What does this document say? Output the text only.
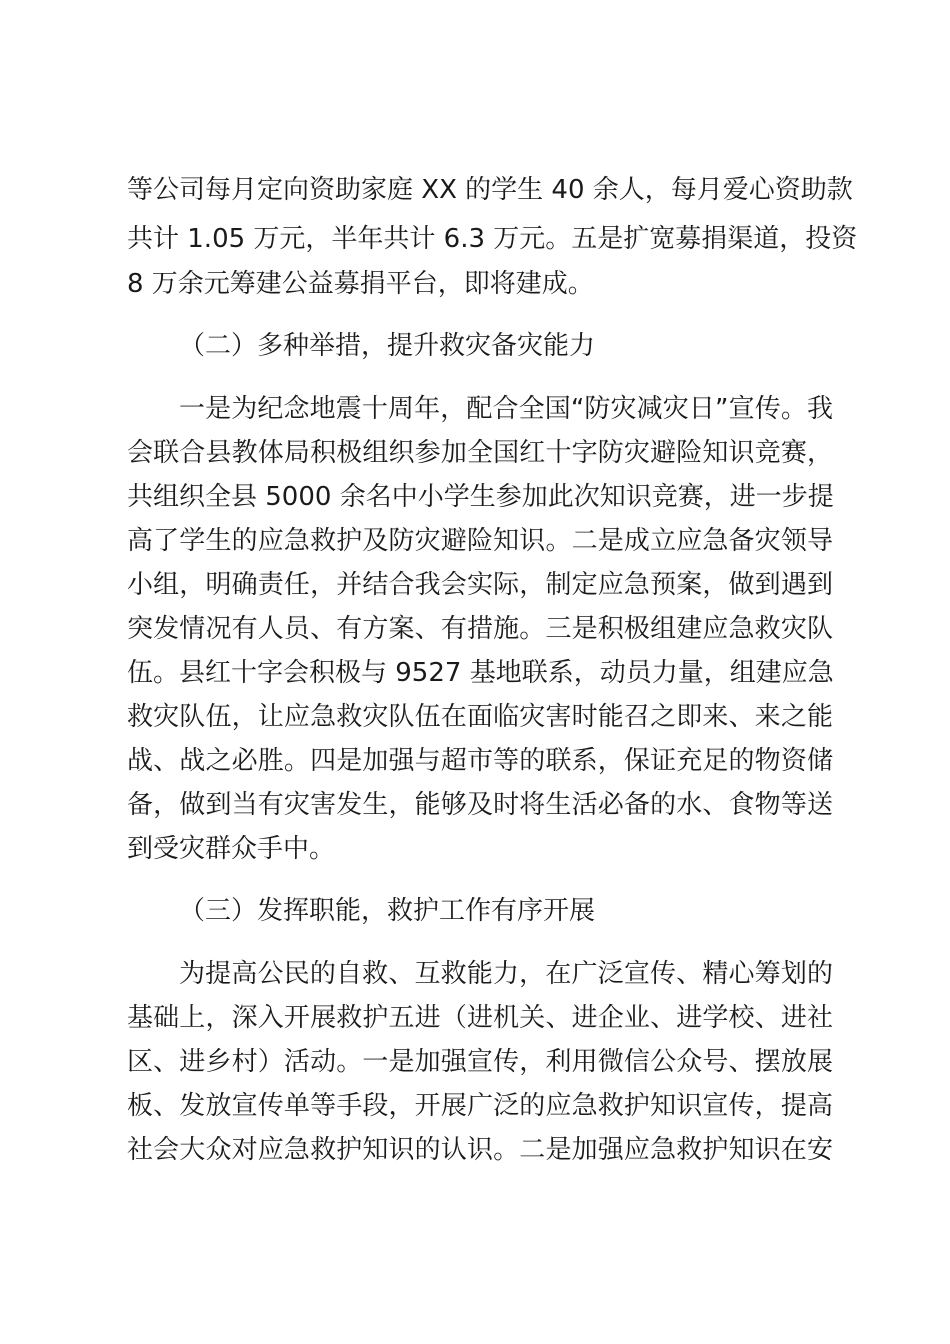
等公司每月定向资助家庭 XX 的学生 40 余人，每月爱心资助款
共计 1.05 万元，半年共计 6.3 万元。五是扩宽募捐渠道，投资
8 万余元筹建公益募捐平台，即将建成。
（二）多种举措，提升救灾备灾能力
一是为纪念地震十周年，配合全国“防灾减灾日”宣传。我
会联合县教体局积极组织参加全国红十字防灾避险知识竞赛，
共组织全县 5000 余名中小学生参加此次知识竞赛，进一步提
高了学生的应急救护及防灾避险知识。二是成立应急备灾领导
小组，明确责任，并结合我会实际，制定应急预案，做到遇到
突发情况有人员、有方案、有措施。三是积极组建应急救灾队
伍。县红十字会积极与 9527 基地联系，动员力量，组建应急
救灾队伍，让应急救灾队伍在面临灾害时能召之即来、来之能
战、战之必胜。四是加强与超市等的联系，保证充足的物资储
备，做到当有灾害发生，能够及时将生活必备的水、食物等送
到受灾群众手中。
（三）发挥职能，救护工作有序开展
为提高公民的自救、互救能力，在广泛宣传、精心筹划的
基础上，深入开展救护五进（进机关、进企业、进学校、进社
区、进乡村）活动。一是加强宣传，利用微信公众号、摆放展
板、发放宣传单等手段，开展广泛的应急救护知识宣传，提高
社会大众对应急救护知识的认识。二是加强应急救护知识在安
